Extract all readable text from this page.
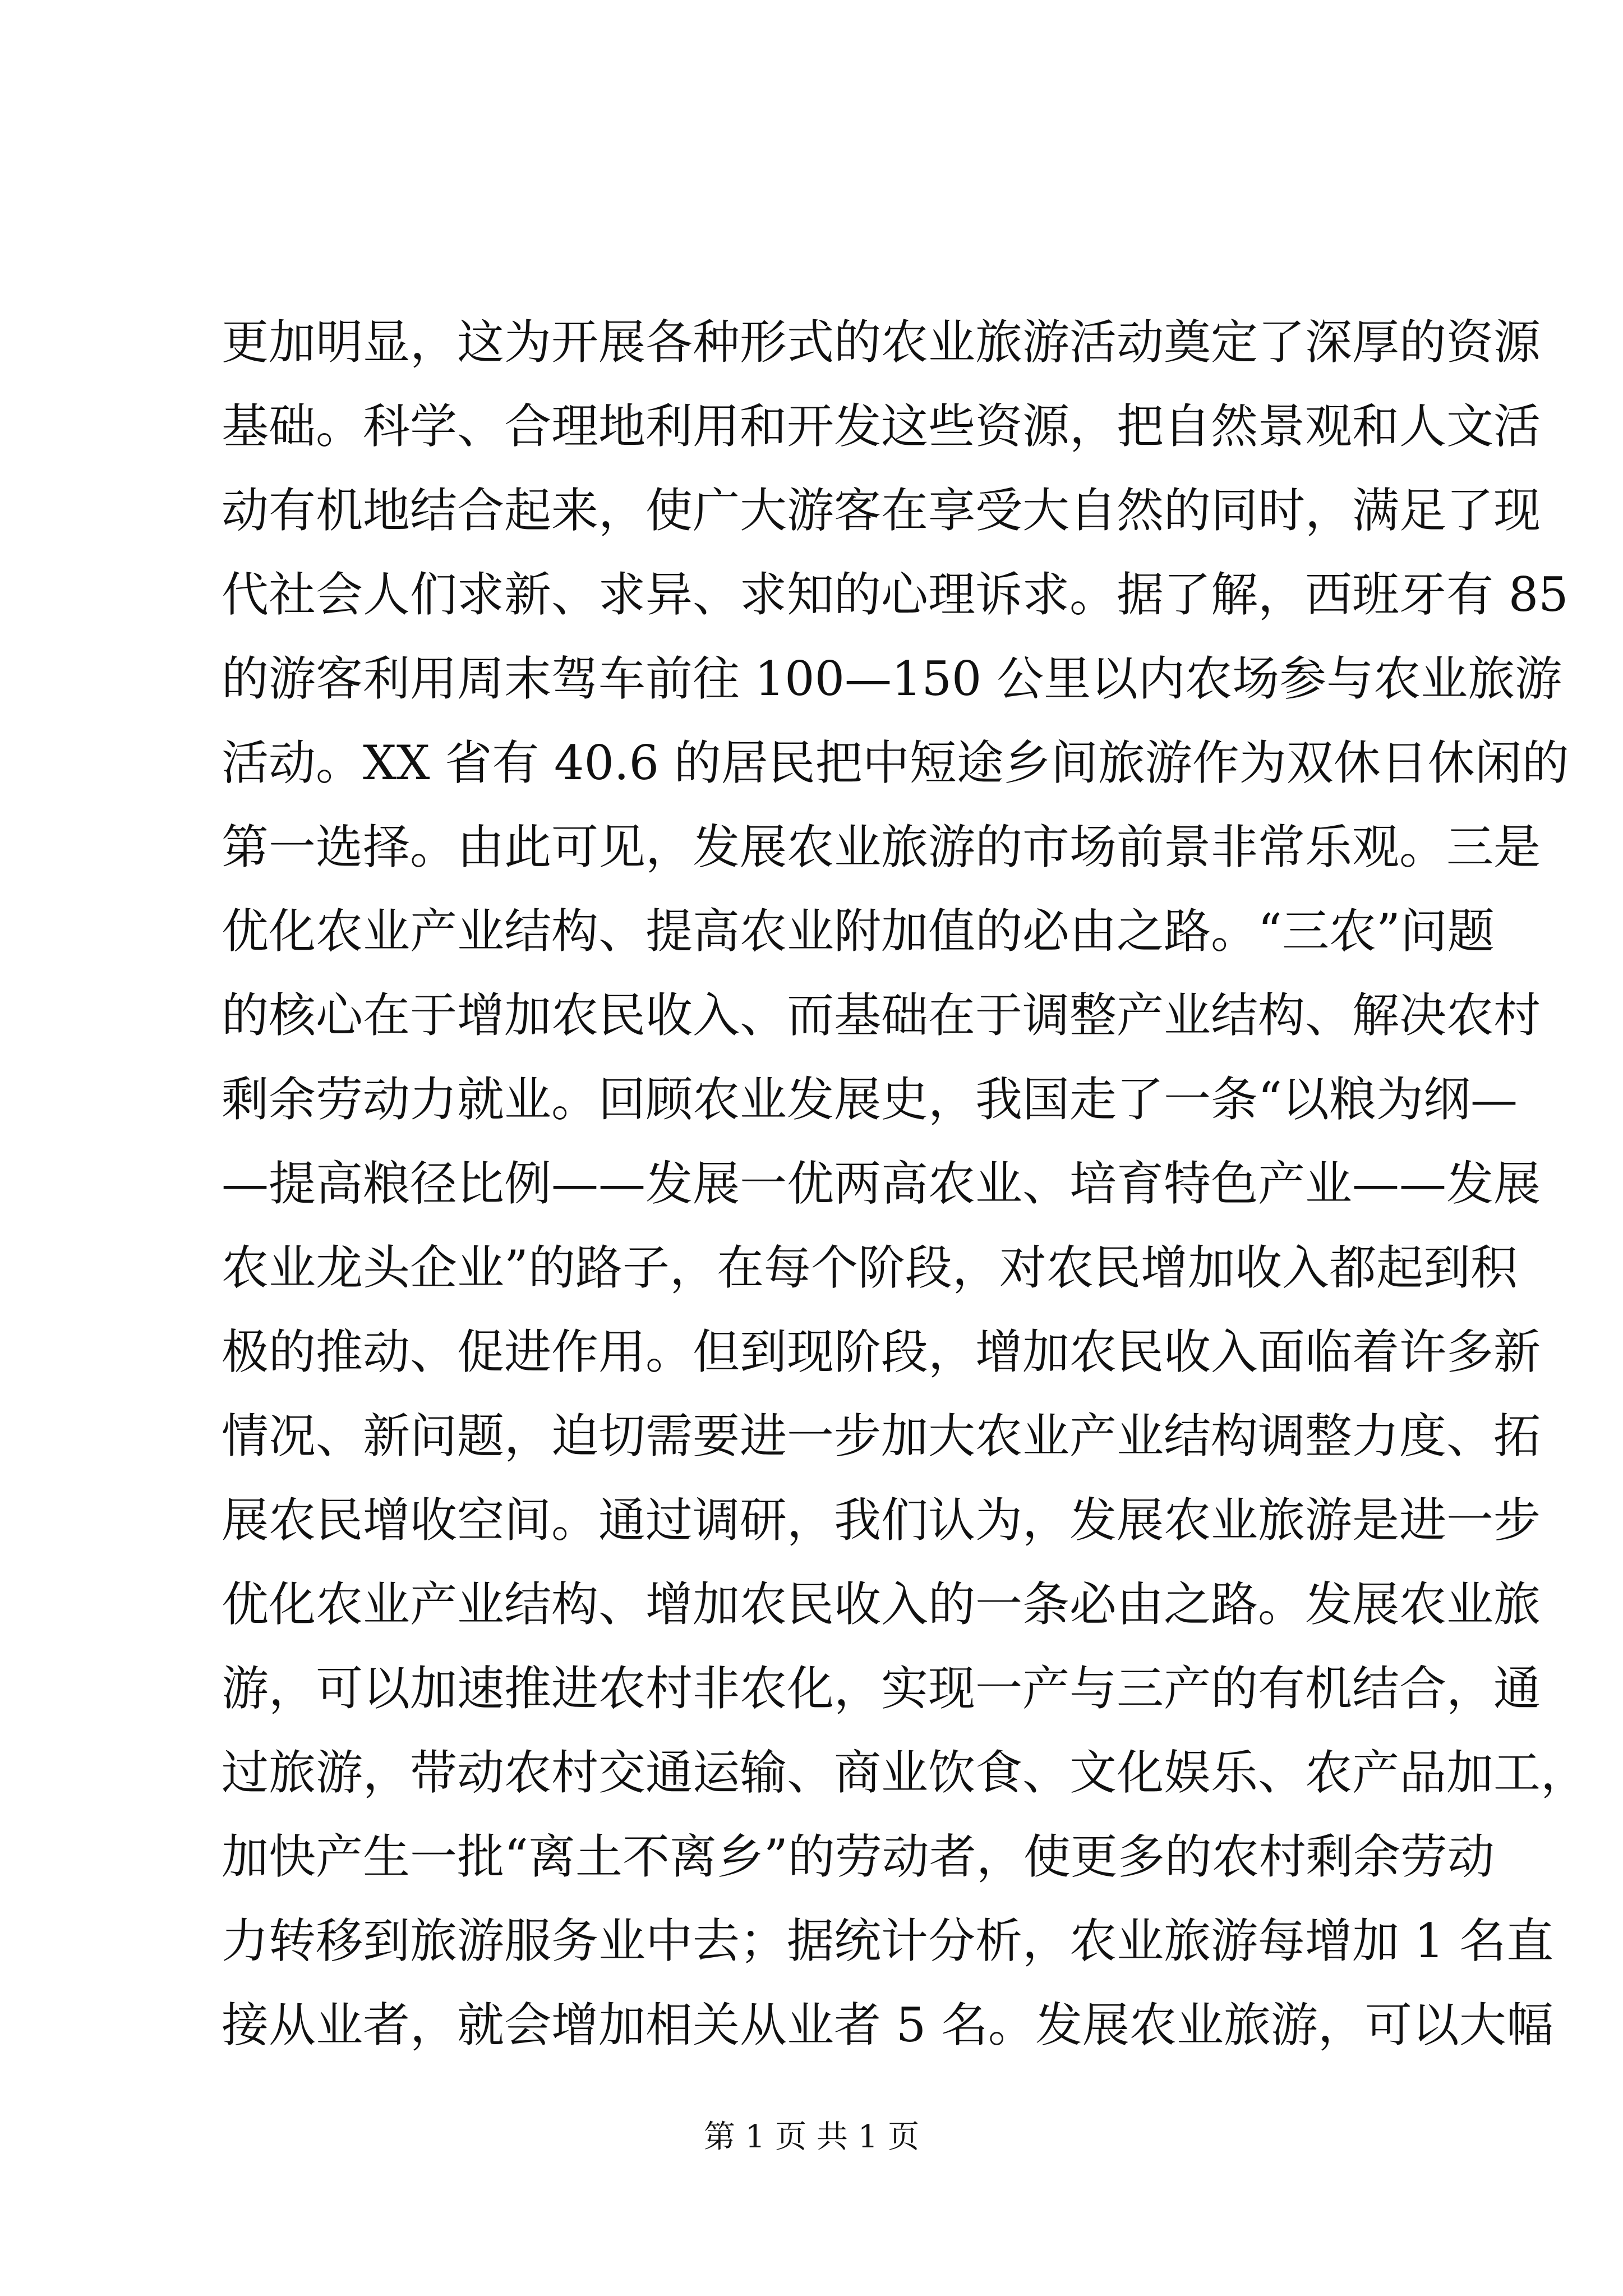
更加明显，这为开展各种形式的农业旅游活动奠定了深厚的资源
基础。科学、合理地利用和开发这些资源，把自然景观和人文活
动有机地结合起来，使广大游客在享受大自然的同时，满足了现
代社会人们求新、求异、求知的心理诉求。据了解，西班牙有 85
的游客利用周末驾车前往 100—150 公里以内农场参与农业旅游
活动。XX 省有 40.6 的居民把中短途乡间旅游作为双休日休闲的
第一选择。由此可见，发展农业旅游的市场前景非常乐观。三是
优化农业产业结构、提高农业附加值的必由之路。“三农”问题
的核心在于增加农民收入、而基础在于调整产业结构、解决农村
剩余劳动力就业。回顾农业发展史，我国走了一条“以粮为纲—
—提高粮径比例——发展一优两高农业、培育特色产业——发展
农业龙头企业”的路子，在每个阶段，对农民增加收入都起到积
极的推动、促进作用。但到现阶段，增加农民收入面临着许多新
情况、新问题，迫切需要进一步加大农业产业结构调整力度、拓
展农民增收空间。通过调研，我们认为，发展农业旅游是进一步
优化农业产业结构、增加农民收入的一条必由之路。发展农业旅
游，可以加速推进农村非农化，实现一产与三产的有机结合，通
过旅游，带动农村交通运输、商业饮食、文化娱乐、农产品加工，
加快产生一批“离土不离乡”的劳动者，使更多的农村剩余劳动
力转移到旅游服务业中去；据统计分析，农业旅游每增加 1 名直
接从业者，就会增加相关从业者 5 名。发展农业旅游，可以大幅
第 1 页 共 1 页
